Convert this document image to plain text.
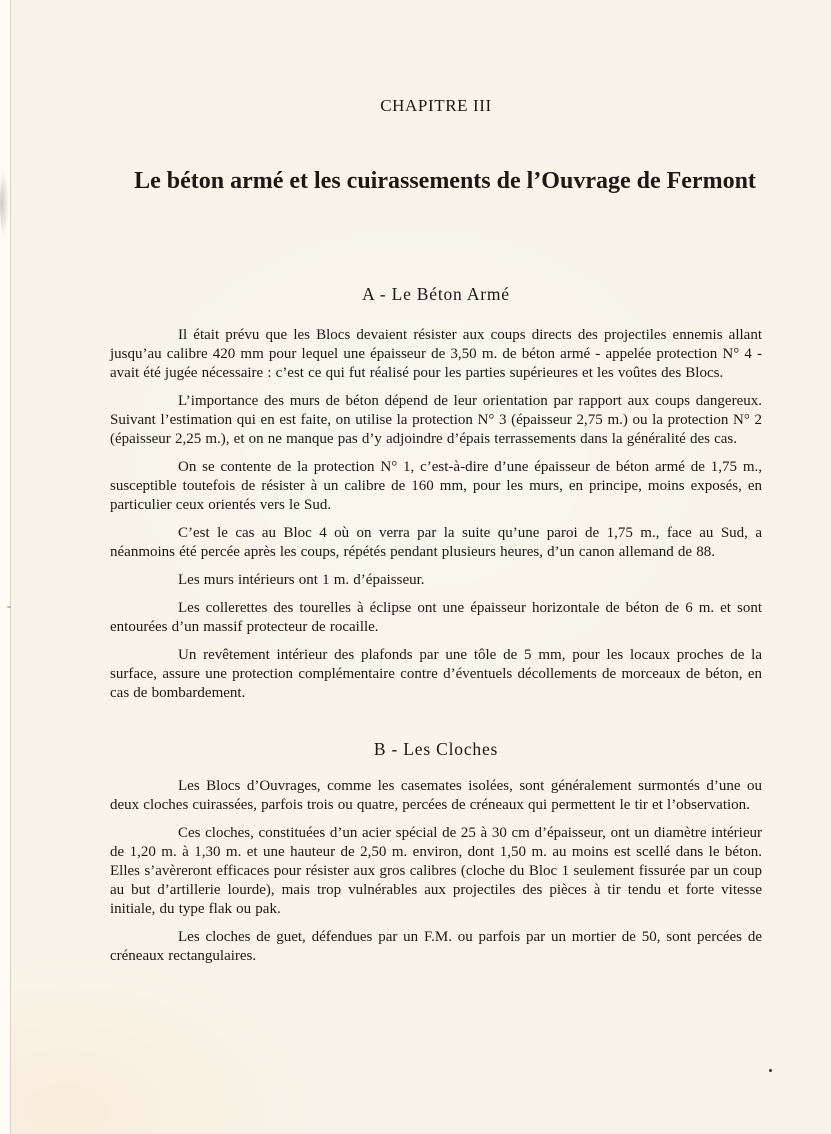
CHAPITRE III
Le béton armé et les cuirassements de l’Ouvrage de Fermont
A - Le Béton Armé

Il était prévu que les Blocs devaient résister aux coups directs des projectiles ennemis allant jusqu’au calibre 420 mm pour lequel une épaisseur de 3,50 m. de béton armé - appelée protection N° 4 - avait été jugée nécessaire : c’est ce qui fut réalisé pour les parties supérieures et les voûtes des Blocs.

L’importance des murs de béton dépend de leur orientation par rapport aux coups dangereux. Suivant l’estimation qui en est faite, on utilise la protection N° 3 (épaisseur 2,75 m.) ou la protection N° 2 (épaisseur 2,25 m.), et on ne manque pas d’y adjoindre d’épais terrassements dans la généralité des cas.

On se contente de la protection N° 1, c’est-à-dire d’une épaisseur de béton armé de 1,75 m., susceptible toutefois de résister à un calibre de 160 mm, pour les murs, en principe, moins exposés, en particulier ceux orientés vers le Sud.

C’est le cas au Bloc 4 où on verra par la suite qu’une paroi de 1,75 m., face au Sud, a néanmoins été percée après les coups, répétés pendant plusieurs heures, d’un canon allemand de 88.

Les murs intérieurs ont 1 m. d’épaisseur.

Les collerettes des tourelles à éclipse ont une épaisseur horizontale de béton de 6 m. et sont entourées d’un massif protecteur de rocaille.

Un revêtement intérieur des plafonds par une tôle de 5 mm, pour les locaux proches de la surface, assure une protection complémentaire contre d’éventuels décollements de morceaux de béton, en cas de bombardement.

B - Les Cloches

Les Blocs d’Ouvrages, comme les casemates isolées, sont généralement surmontés d’une ou deux cloches cuirassées, parfois trois ou quatre, percées de créneaux qui permettent le tir et l’observation.

Ces cloches, constituées d’un acier spécial de 25 à 30 cm d’épaisseur, ont un diamètre intérieur de 1,20 m. à 1,30 m. et une hauteur de 2,50 m. environ, dont 1,50 m. au moins est scellé dans le béton. Elles s’avèreront efficaces pour résister aux gros calibres (cloche du Bloc 1 seulement fissurée par un coup au but d’artillerie lourde), mais trop vulnérables aux projectiles des pièces à tir tendu et forte vitesse initiale, du type flak ou pak.

Les cloches de guet, défendues par un F.M. ou parfois par un mortier de 50, sont percées de créneaux rectangulaires.
